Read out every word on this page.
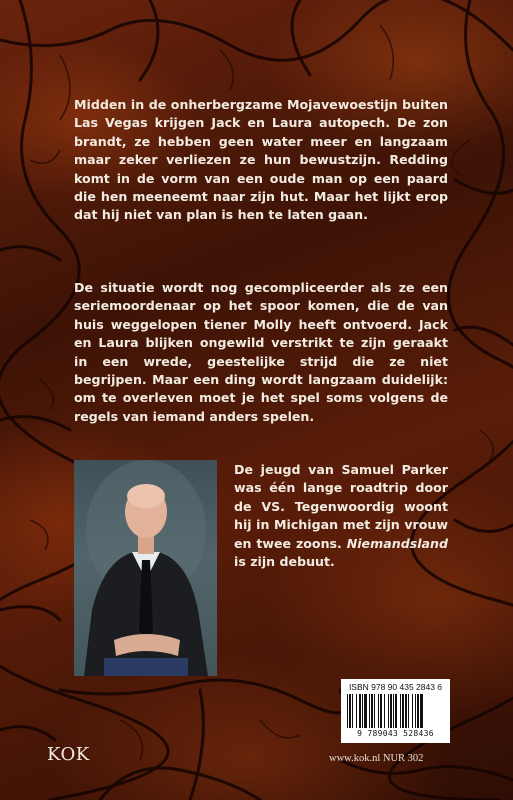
Midden in de onherbergzame Mojavewoestijn buiten Las Vegas krijgen Jack en Laura autopech. De zon brandt, ze hebben geen water meer en langzaam maar zeker verliezen ze hun bewustzijn. Redding komt in de vorm van een oude man op een paard die hen meeneemt naar zijn hut. Maar het lijkt erop dat hij niet van plan is hen te laten gaan.
De situatie wordt nog gecompliceerder als ze een seriemoordenaar op het spoor komen, die de van huis weggelopen tiener Molly heeft ontvoerd. Jack en Laura blijken ongewild verstrikt te zijn geraakt in een wrede, geestelijke strijd die ze niet begrijpen. Maar een ding wordt langzaam duidelijk: om te overleven moet je het spel soms volgens de regels van iemand anders spelen.
De jeugd van Samuel Parker was één lange roadtrip door de VS. Tegenwoordig woont hij in Michigan met zijn vrouw en twee zoons. Niemandsland is zijn debuut.
ISBN 978 90 435 2843 6
9 789043 528436
KOK	www.kok.nl NUR 302
